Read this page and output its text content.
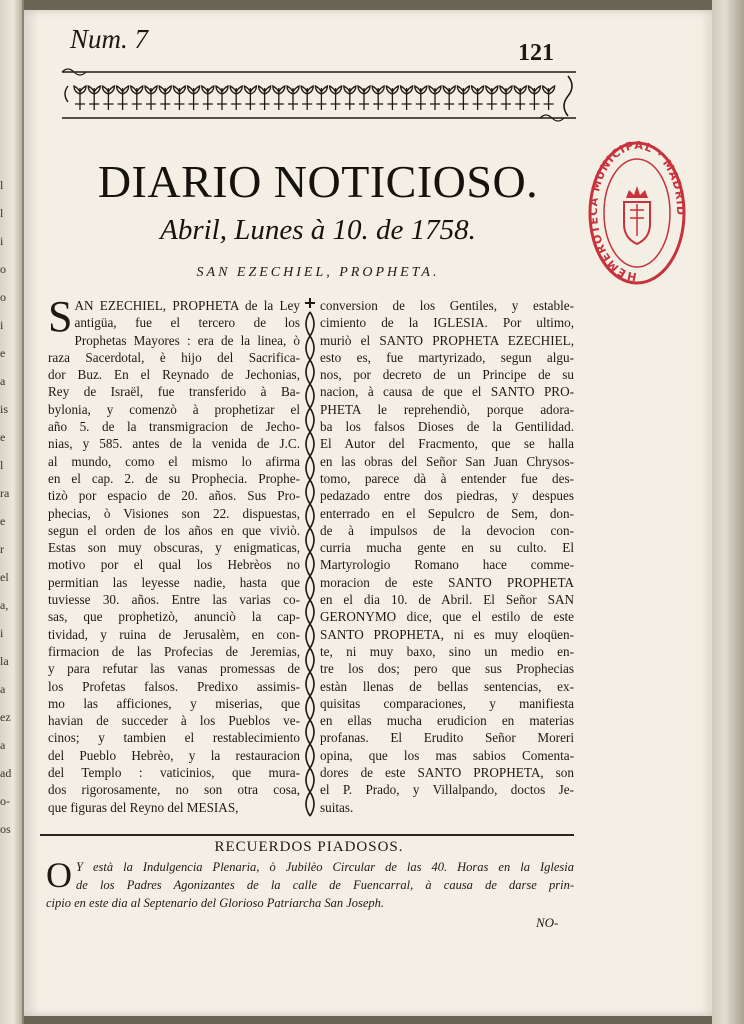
l
l
i
o
o
i
e
a
is
e
l
ra
e
r
el
a,
i
la
a
ez
a
ad
o-
os
Num. 7	121
DIARIO NOTICIOSO.
Abril, Lunes à 10. de 1758.
SAN EZECHIEL, PROPHETA.
S AN EZECHIEL, PROPHETA de la Ley
antigüa, fue el tercero de los
Prophetas Mayores : era de la linea, ò
raza Sacerdotal, è hijo del Sacrifica-
dor Buz. En el Reynado de Jechonias,
Rey de Israël, fue transferido à Ba-
bylonia, y comenzò à prophetizar el
año 5. de la transmigracion de Jecho-
nias, y 585. antes de la venida de J.C.
al mundo, como el mismo lo afirma
en el cap. 2. de su Prophecia. Prophe-
tizò por espacio de 20. años. Sus Pro-
phecias, ò Visiones son 22. dispuestas,
segun el orden de los años en que viviò.
Estas son muy obscuras, y enigmaticas,
motivo por el qual los Hebrèos no
permitian las leyesse nadie, hasta que
tuviesse 30. años. Entre las varias co-
sas, que prophetizò, anunciò la cap-
tividad, y ruina de Jerusalèm, en con-
firmacion de las Profecias de Jeremias,
y para refutar las vanas promessas de
los Profetas falsos. Predixo assimis-
mo las afficiones, y miserias, que
havian de succeder à los Pueblos ve-
cinos; y tambien el restablecimiento
del Pueblo Hebrèo, y la restauracion
del Templo : vaticinios, que mura-
dos rigorosamente, no son otra cosa,
que figuras del Reyno del MESIAS,
conversion de los Gentiles, y estable-
cimiento de la IGLESIA. Por ultimo,
muriò el SANTO PROPHETA EZECHIEL,
esto es, fue martyrizado, segun algu-
nos, por decreto de un Principe de su
nacion, à causa de que el SANTO PRO-
PHETA le reprehendiò, porque adora-
ba los falsos Dioses de la Gentilidad.
El Autor del Fracmento, que se halla
en las obras del Señor San Juan Chrysos-
tomo, parece dà à entender fue des-
pedazado entre dos piedras, y despues
enterrado en el Sepulcro de Sem, don-
de à impulsos de la devocion con-
curria mucha gente en su culto. El
Martyrologio Romano hace comme-
moracion de este SANTO PROPHETA
en el dia 10. de Abril. El Señor SAN
GERONYMO dice, que el estilo de este
SANTO PROPHETA, ni es muy eloqüen-
te, ni muy baxo, sino un medio en-
tre los dos; pero que sus Prophecias
estàn llenas de bellas sentencias, ex-
quisitas comparaciones, y manifiesta
en ellas mucha erudicion en materias
profanas. El Erudito Señor Moreri
opina, que los mas sabios Comenta-
dores de este SANTO PROPHETA, son
el P. Prado, y Villalpando, doctos Je-
suitas.
RECUERDOS PIADOSOS.
O Y està la Indulgencia Plenaria, ò Jubilèo Circular de las 40. Horas en la Iglesia
de los Padres Agonizantes de la calle de Fuencarral, à causa de darse prin-
cipio en este dia al Septenario del Glorioso Patriarcha San Joseph.
NO-
HEMEROTECA MUNICIPAL · MADRID
